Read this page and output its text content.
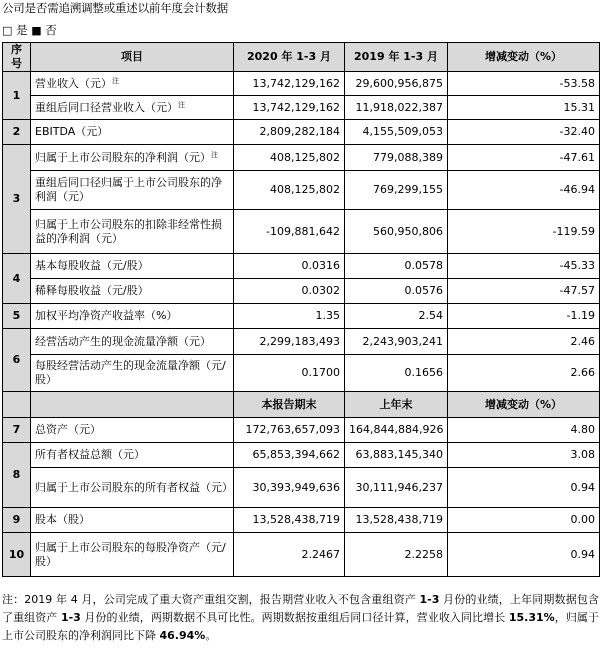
公司是否需追溯调整或重述以前年度会计数据
□ 是 ■ 否
序号	项目	2020 年 1-3 月	2019 年 1-3 月	增减变动（%）
1	营业收入（元）$^注$	13,742,129,162	29,600,956,875	-53.58
	重组后同口径营业收入（元）$^注$	13,742,129,162	11,918,022,387	15.31
2	EBITDA（元）	2,809,282,184	4,155,509,053	-32.40
3	归属于上市公司股东的净利润（元）$^注$	408,125,802	779,088,389	-47.61
	重组后同口径归属于上市公司股东的净利润（元）	408,125,802	769,299,155	-46.94
	归属于上市公司股东的扣除非经常性损益的净利润（元）	-109,881,642	560,950,806	-119.59
4	基本每股收益（元/股）	0.0316	0.0578	-45.33
	稀释每股收益（元/股）	0.0302	0.0576	-47.57
5	加权平均净资产收益率（%）	1.35	2.54	-1.19
6	经营活动产生的现金流量净额（元）	2,299,183,493	2,243,903,241	2.46
	每股经营活动产生的现金流量净额（元/股）	0.1700	0.1656	2.66
		本报告期末	上年末	增减变动（%）
7	总资产（元）	172,763,657,093	164,844,884,926	4.80
8	所有者权益总额（元）	65,853,394,662	63,883,145,340	3.08
	归属于上市公司股东的所有者权益（元）	30,393,949,636	30,111,946,237	0.94
9	股本（股）	13,528,438,719	13,528,438,719	0.00
10	归属于上市公司股东的每股净资产（元/股）	2.2467	2.2258	0.94
注：2019 年 4 月，公司完成了重大资产重组交割，报告期营业收入不包含重组资产 1-3 月份的业绩，上年同期数据包含了重组资产 1-3 月份的业绩，两期数据不具可比性。两期数据按重组后同口径计算，营业收入同比增长 15.31%，归属于上市公司股东的净利润同比下降 46.94%。
